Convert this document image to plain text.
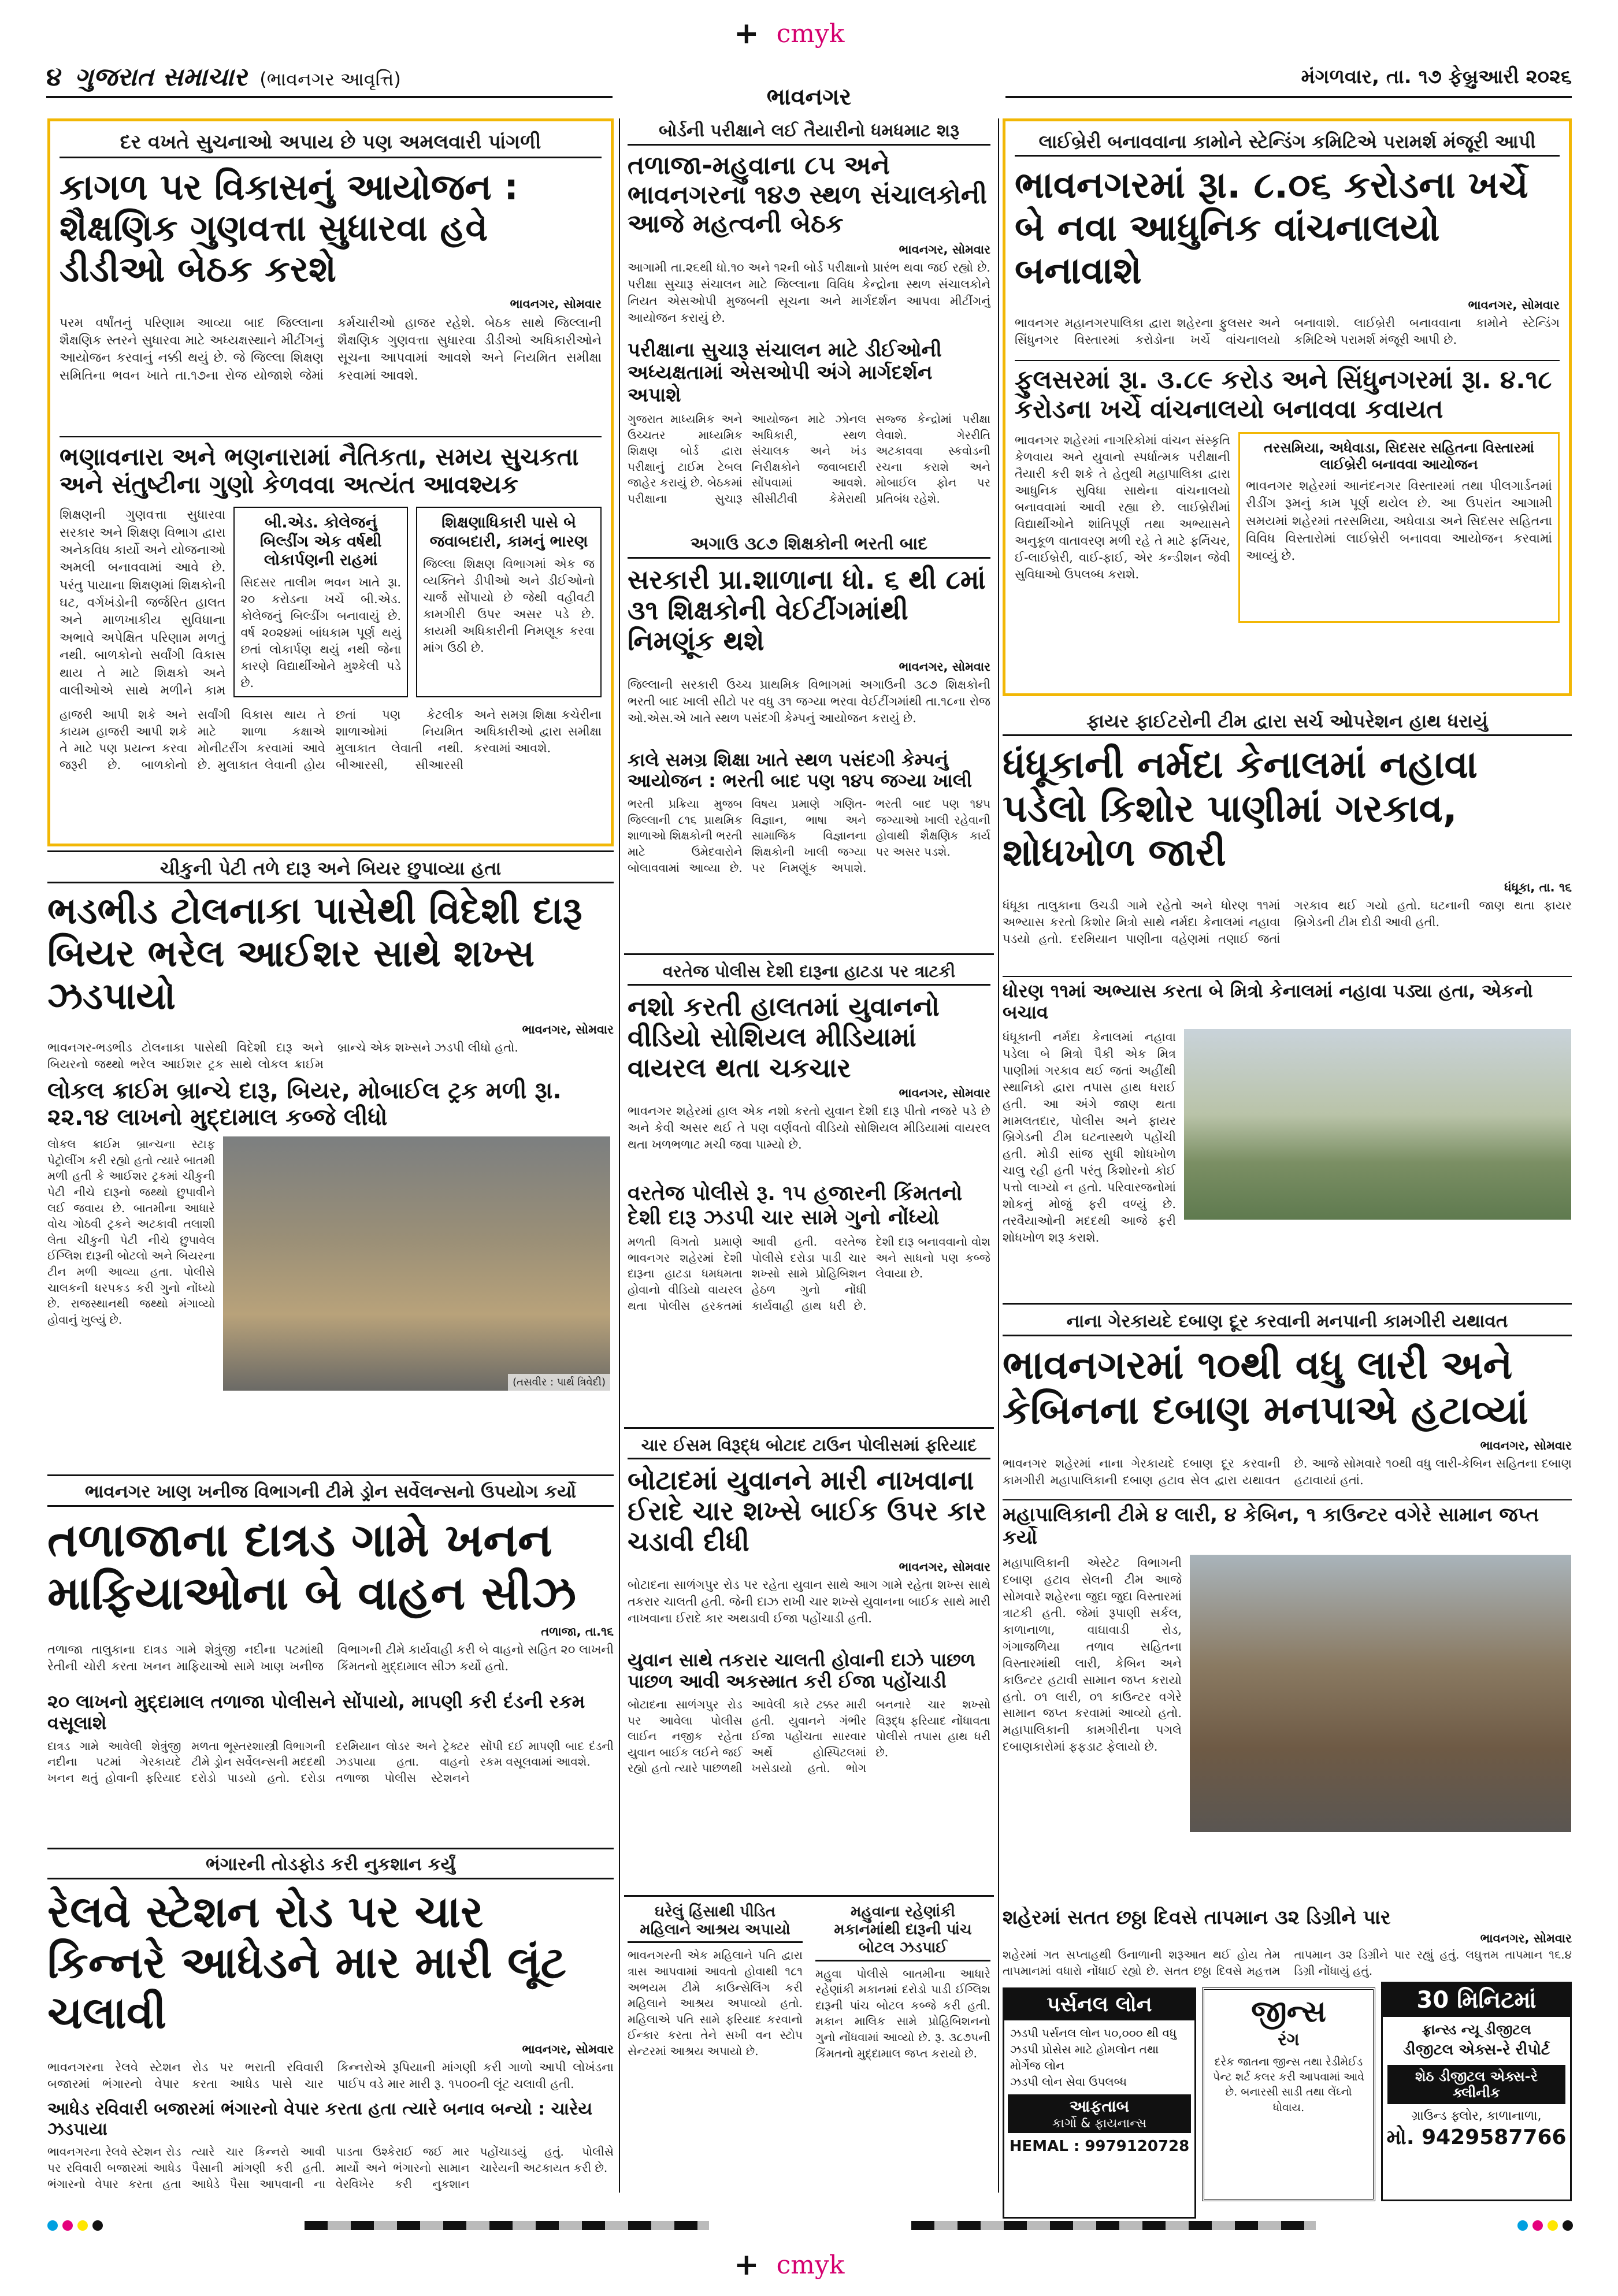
+ cmyk
૪ ગુજરાત સમાચાર (ભાવનગર આવૃત્તિ)	મંગળવાર, તા. ૧૭ ફેબ્રુઆરી ૨૦૨૬
ભાવનગર
દર વખતે સુચનાઓ અપાય છે પણ અમલવારી પાંગળી
કાગળ પર વિકાસનું આયોજન : શૈક્ષણિક ગુણવત્તા સુધારવા હવે ડીડીઓ બેઠક કરશે
ભાવનગર, સોમવાર
પરમ વર્ષાંતનું પરિણામ આવ્યા બાદ જિલ્લાના શૈક્ષણિક સ્તરને સુધારવા માટે અધ્યક્ષસ્થાને મીટીંગનું આયોજન કરવાનું નક્કી થયું છે. જે જિલ્લા શિક્ષણ સમિતિના ભવન ખાતે તા.૧૭ના રોજ યોજાશે જેમાં કર્મચારીઓ હાજર રહેશે. બેઠક સાથે જિલ્લાની શૈક્ષણિક ગુણવત્તા સુધારવા ડીડીઓ અધિકારીઓને સૂચના આપવામાં આવશે અને નિયમિત સમીક્ષા કરવામાં આવશે.
ભણાવનારા અને ભણનારામાં નૈતિકતા, સમય સુચકતા અને સંતુષ્ટીના ગુણો કેળવવા અત્યંત આવશ્યક
શિક્ષણની ગુણવત્તા સુધારવા સરકાર અને શિક્ષણ વિભાગ દ્વારા અનેકવિધ કાર્યો અને યોજનાઓ અમલી બનાવવામાં આવે છે. પરંતુ પાયાના શિક્ષણમાં શિક્ષકોની ઘટ, વર્ગખંડોની જર્જરિત હાલત અને માળખાકીય સુવિધાના અભાવે અપેક્ષિત પરિણામ મળતું નથી. બાળકોનો સર્વાંગી વિકાસ થાય તે માટે શિક્ષકો અને વાલીઓએ સાથે મળીને કામ
બી.એડ. કોલેજનું બિલ્ડીંગ એક વર્ષથી લોકાર્પણની રાહમાં
સિદસર તાલીમ ભવન ખાતે રૂા. ૨૦ કરોડના ખર્ચે બી.એડ. કોલેજનું બિલ્ડીંગ બનાવાયું છે. વર્ષ ૨૦૨૪માં બાંધકામ પૂર્ણ થયું છતાં લોકાર્પણ થયું નથી જેના કારણે વિદ્યાર્થીઓને મુશ્કેલી પડે છે.
શિક્ષણાધિકારી પાસે બે જવાબદારી, કામનું ભારણ
જિલ્લા શિક્ષણ વિભાગમાં એક જ વ્યક્તિને ડીપીઓ અને ડીઈઓનો ચાર્જ સોંપાયો છે જેથી વહીવટી કામગીરી ઉપર અસર પડે છે. કાયમી અધિકારીની નિમણૂક કરવા માંગ ઉઠી છે.
હાજરી આપી શકે અને કાયમ હાજરી આપી શકે તે માટે પણ પ્રયત્ન કરવા જરૂરી છે. બાળકોનો સર્વાંગી વિકાસ થાય તે માટે શાળા કક્ષાએ મોનીટરીંગ કરવામાં આવે છે. મુલાકાત લેવાની હોય છતાં પણ કેટલીક શાળાઓમાં નિયમિત મુલાકાત લેવાતી નથી. બીઆરસી, સીઆરસી અને સમગ્ર શિક્ષા કચેરીના અધિકારીઓ દ્વારા સમીક્ષા કરવામાં આવશે.
બોર્ડની પરીક્ષાને લઈ તૈયારીનો ધમધમાટ શરૂ
તળાજા-મહુવાના ૮૫ અને ભાવનગરના ૧૪૭ સ્થળ સંચાલકોની આજે મહત્વની બેઠક
ભાવનગર, સોમવાર
આગામી તા.૨૬થી ધો.૧૦ અને ૧૨ની બોર્ડ પરીક્ષાનો પ્રારંભ થવા જઈ રહ્યો છે. પરીક્ષા સુચારૂ સંચાલન માટે જિલ્લાના વિવિધ કેન્દ્રોના સ્થળ સંચાલકોને નિયત એસઓપી મુજબની સૂચના અને માર્ગદર્શન આપવા મીટીંગનું આયોજન કરાયું છે.
પરીક્ષાના સુચારૂ સંચાલન માટે ડીઈઓની અધ્યક્ષતામાં એસઓપી અંગે માર્ગદર્શન અપાશે
ગુજરાત માધ્યમિક અને ઉચ્ચતર માધ્યમિક શિક્ષણ બોર્ડ દ્વારા પરીક્ષાનું ટાઈમ ટેબલ જાહેર કરાયું છે. બેઠકમાં પરીક્ષાના સુચારૂ આયોજન માટે ઝોનલ અધિકારી, સ્થળ સંચાલક અને ખંડ નિરીક્ષકોને જવાબદારી સોંપવામાં આવશે. સીસીટીવી કેમેરાથી સજ્જ કેન્દ્રોમાં પરીક્ષા લેવાશે. ગેરરીતિ અટકાવવા સ્કવોડની રચના કરાશે અને મોબાઈલ ફોન પર પ્રતિબંધ રહેશે.
અગાઉ ૩૮૭ શિક્ષકોની ભરતી બાદ
સરકારી પ્રા.શાળાના ધો. ૬ થી ૮માં ૩૧ શિક્ષકોની વેઈટીંગમાંથી નિમણૂંક થશે
ભાવનગર, સોમવાર
જિલ્લાની સરકારી ઉચ્ચ પ્રાથમિક વિભાગમાં અગાઉની ૩૮૭ શિક્ષકોની ભરતી બાદ ખાલી સીટો પર વધુ ૩૧ જગ્યા ભરવા વેઈટીંગમાંથી તા.૧૮ના રોજ ઓ.એસ.એ ખાતે સ્થળ પસંદગી કેમ્પનું આયોજન કરાયું છે.
કાલે સમગ્ર શિક્ષા ખાતે સ્થળ પસંદગી કેમ્પનું આયોજન : ભરતી બાદ પણ ૧૪૫ જગ્યા ખાલી
ભરતી પ્રક્રિયા મુજબ જિલ્લાની ૮૧૬ પ્રાથમિક શાળાઓ શિક્ષકોની ભરતી માટે ઉમેદવારોને બોલાવવામાં આવ્યા છે. વિષય પ્રમાણે ગણિત-વિજ્ઞાન, ભાષા અને સામાજિક વિજ્ઞાનના શિક્ષકોની ખાલી જગ્યા પર નિમણૂંક અપાશે. ભરતી બાદ પણ ૧૪૫ જગ્યાઓ ખાલી રહેવાની હોવાથી શૈક્ષણિક કાર્ય પર અસર પડશે.
લાઈબ્રેરી બનાવવાના કામોને સ્ટેન્ડિંગ કમિટિએ પરામર્શ મંજૂરી આપી
ભાવનગરમાં રૂા. ૮.૦૬ કરોડના ખર્ચે બે નવા આધુનિક વાંચનાલયો બનાવાશે
ભાવનગર, સોમવાર
ભાવનગર મહાનગરપાલિકા દ્વારા શહેરના ફુલસર અને સિંધુનગર વિસ્તારમાં કરોડોના ખર્ચે વાંચનાલયો બનાવાશે. લાઈબ્રેરી બનાવવાના કામોને સ્ટેન્ડિંગ કમિટિએ પરામર્શ મંજૂરી આપી છે.
ફુલસરમાં રૂા. ૩.૮૯ કરોડ અને સિંધુનગરમાં રૂા. ૪.૧૮ કરોડના ખર્ચે વાંચનાલયો બનાવવા કવાયત
ભાવનગર શહેરમાં નાગરિકોમાં વાંચન સંસ્કૃતિ કેળવાય અને યુવાનો સ્પર્ધાત્મક પરીક્ષાની તૈયારી કરી શકે તે હેતુથી મહાપાલિકા દ્વારા આધુનિક સુવિધા સાથેના વાંચનાલયો બનાવવામાં આવી રહ્યા છે. લાઈબ્રેરીમાં વિદ્યાર્થીઓને શાંતિપૂર્ણ તથા અભ્યાસને અનુકૂળ વાતાવરણ મળી રહે તે માટે ફર્નિચર, ઈ-લાઈબ્રેરી, વાઈ-ફાઈ, એર કન્ડીશન જેવી સુવિધાઓ ઉપલબ્ધ કરાશે.
તરસમિયા, અધેવાડા, સિદસર સહિતના વિસ્તારમાં લાઈબ્રેરી બનાવવા આયોજન
ભાવનગર શહેરમાં આનંદનગર વિસ્તારમાં તથા પીલગાર્ડનમાં રીડીંગ રૂમનું કામ પૂર્ણ થયેલ છે. આ ઉપરાંત આગામી સમયમાં શહેરમાં તરસમિયા, અધેવાડા અને સિદસર સહિતના વિવિધ વિસ્તારોમાં લાઈબ્રેરી બનાવવા આયોજન કરવામાં આવ્યું છે.
ફાયર ફાઈટરોની ટીમ દ્વારા સર્ચ ઓપરેશન હાથ ધરાયું
ધંધૂકાની નર્મદા કેનાલમાં નહાવા પડેલો કિશોર પાણીમાં ગરકાવ, શોધખોળ જારી
ધંધૂકા, તા. ૧૬
ધંધૂકા તાલુકાના ઉચડી ગામે રહેતો અને ધોરણ ૧૧માં અભ્યાસ કરતો કિશોર મિત્રો સાથે નર્મદા કેનાલમાં નહાવા પડયો હતો. દરમિયાન પાણીના વહેણમાં તણાઈ જતાં ગરકાવ થઈ ગયો હતો. ઘટનાની જાણ થતા ફાયર બ્રિગેડની ટીમ દોડી આવી હતી.
ધોરણ ૧૧માં અભ્યાસ કરતા બે મિત્રો કેનાલમાં નહાવા પડ્યા હતા, એકનો બચાવ
ધંધૂકાની નર્મદા કેનાલમાં નહાવા પડેલા બે મિત્રો પૈકી એક મિત્ર પાણીમાં ગરકાવ થઈ જતાં અહીંથી સ્થાનિકો દ્વારા તપાસ હાથ ધરાઈ હતી. આ અંગે જાણ થતા મામલતદાર, પોલીસ અને ફાયર બ્રિગેડની ટીમ ઘટનાસ્થળે પહોંચી હતી. મોડી સાંજ સુધી શોધખોળ ચાલુ રહી હતી પરંતુ કિશોરનો કોઈ પત્તો લાગ્યો ન હતો. પરિવારજનોમાં શોકનું મોજું ફરી વળ્યું છે. તરવૈયાઓની મદદથી આજે ફરી શોધખોળ શરૂ કરાશે.
ચીકુની પેટી તળે દારૂ અને બિયર છુપાવ્યા હતા
ભડભીડ ટોલનાકા પાસેથી વિદેશી દારૂ બિયર ભરેલ આઈશર સાથે શખ્સ ઝડપાયો
ભાવનગર, સોમવાર
ભાવનગર-ભડભીડ ટોલનાકા પાસેથી વિદેશી દારૂ અને બિયરનો જથ્થો ભરેલ આઈશર ટ્રક સાથે લોકલ ક્રાઈમ બ્રાન્ચે એક શખ્સને ઝડપી લીધો હતો.
લોકલ ક્રાઈમ બ્રાન્ચે દારૂ, બિયર, મોબાઈલ ટ્રક મળી રૂા. ૨૨.૧૪ લાખનો મુદ્દામાલ કબ્જે લીધો
લોકલ ક્રાઈમ બ્રાન્ચના સ્ટાફ પેટ્રોલીંગ કરી રહ્યો હતો ત્યારે બાતમી મળી હતી કે આઈશર ટ્રકમાં ચીકુની પેટી નીચે દારૂનો જથ્થો છુપાવીને લઈ જવાય છે. બાતમીના આધારે વોચ ગોઠવી ટ્રકને અટકાવી તલાશી લેતા ચીકુની પેટી નીચે છુપાવેલ ઈગ્લિશ દારૂની બોટલો અને બિયરના ટીન મળી આવ્યા હતા. પોલીસે ચાલકની ધરપકડ કરી ગુનો નોંધ્યો છે. રાજસ્થાનથી જથ્થો મંગાવ્યો હોવાનું ખુલ્યું છે.
(તસવીર : પાર્થ ત્રિવેદી)
વરતેજ પોલીસ દેશી દારૂના હાટડા પર ત્રાટકી
નશો કરતી હાલતમાં યુવાનનો વીડિયો સોશિયલ મીડિયામાં વાયરલ થતા ચકચાર
ભાવનગર, સોમવાર
ભાવનગર શહેરમાં હાલ એક નશો કરતો યુવાન દેશી દારૂ પીતો નજરે પડે છે અને કેવી અસર થઈ તે પણ વર્ણવતો વીડિયો સોશિયલ મીડિયામાં વાયરલ થતા ખળભળાટ મચી જવા પામ્યો છે.
વરતેજ પોલીસે રૂ. ૧૫ હજારની કિંમતનો દેશી દારૂ ઝડપી ચાર સામે ગુનો નોંધ્યો
મળતી વિગતો પ્રમાણે ભાવનગર શહેરમાં દેશી દારૂના હાટડા ધમધમતા હોવાનો વીડિયો વાયરલ થતા પોલીસ હરકતમાં આવી હતી. વરતેજ પોલીસે દરોડા પાડી ચાર શખ્સો સામે પ્રોહિબિશન હેઠળ ગુનો નોંધી કાર્યવાહી હાથ ધરી છે. દેશી દારૂ બનાવવાનો વોશ અને સાધનો પણ કબ્જે લેવાયા છે.
ચાર ઈસમ વિરૂદ્ધ બોટાદ ટાઉન પોલીસમાં ફરિયાદ
બોટાદમાં યુવાનને મારી નાખવાના ઈરાદે ચાર શખ્સે બાઈક ઉપર કાર ચડાવી દીધી
ભાવનગર, સોમવાર
બોટાદના સાળંગપુર રોડ પર રહેતા યુવાન સાથે આગ ગામે રહેતા શખ્સ સાથે તકરાર ચાલતી હતી. જેની દાઝ રાખી ચાર શખ્સે યુવાનના બાઈક સાથે મારી નાખવાના ઈરાદે કાર અથડાવી ઈજા પહોંચાડી હતી.
યુવાન સાથે તકરાર ચાલતી હોવાની દાઝે પાછળ પાછળ આવી અકસ્માત કરી ઈજા પહોંચાડી
બોટાદના સાળંગપુર રોડ પર આવેલા પોલીસ લાઈન નજીક રહેતા યુવાન બાઈક લઈને જઈ રહ્યો હતો ત્યારે પાછળથી આવેલી કારે ટક્કર મારી હતી. યુવાનને ગંભીર ઈજા પહોંચતા સારવાર અર્થે હોસ્પિટલમાં ખસેડાયો હતો. ભોગ બનનારે ચાર શખ્સો વિરૂદ્ધ ફરિયાદ નોંધાવતા પોલીસે તપાસ હાથ ધરી છે.
ભાવનગર ખાણ ખનીજ વિભાગની ટીમે ડ્રોન સર્વેલન્સનો ઉપયોગ કર્યો
તળાજાના દાત્રડ ગામે ખનન માફિયાઓના બે વાહન સીઝ
તળાજા, તા.૧૬
તળાજા તાલુકાના દાત્રડ ગામે શેત્રુંજી નદીના પટમાંથી રેતીની ચોરી કરતા ખનન માફિયાઓ સામે ખાણ ખનીજ વિભાગની ટીમે કાર્યવાહી કરી બે વાહનો સહિત ૨૦ લાખની કિંમતનો મુદ્દામાલ સીઝ કર્યો હતો.
૨૦ લાખનો મુદ્દામાલ તળાજા પોલીસને સોંપાયો, માપણી કરી દંડની રકમ વસૂલાશે
દાત્રડ ગામે આવેલી શેત્રુંજી નદીના પટમાં ગેરકાયદે ખનન થતું હોવાની ફરિયાદ મળતા ભૂસ્તરશાસ્ત્રી વિભાગની ટીમે ડ્રોન સર્વેલન્સની મદદથી દરોડો પાડયો હતો. દરોડા દરમિયાન લોડર અને ટ્રેક્ટર ઝડપાયા હતા. વાહનો તળાજા પોલીસ સ્ટેશનને સોંપી દઈ માપણી બાદ દંડની રકમ વસૂલવામાં આવશે.
ભંગારની તોડફોડ કરી નુકશાન કર્યું
રેલવે સ્ટેશન રોડ પર ચાર કિન્નરે આધેડને માર મારી લૂંટ ચલાવી
ભાવનગર, સોમવાર
ભાવનગરના રેલવે સ્ટેશન રોડ પર ભરાતી રવિવારી બજારમાં ભંગારનો વેપાર કરતા આધેડ પાસે ચાર કિન્નરોએ રૂપિયાની માંગણી કરી ગાળો આપી લોખંડના પાઈપ વડે માર મારી રૂ. ૧૫૦૦ની લૂંટ ચલાવી હતી.
આધેડ રવિવારી બજારમાં ભંગારનો વેપાર કરતા હતા ત્યારે બનાવ બન્યો : ચારેય ઝડપાયા
ભાવનગરના રેલવે સ્ટેશન રોડ પર રવિવારી બજારમાં આધેડ ભંગારનો વેપાર કરતા હતા ત્યારે ચાર કિન્નરો આવી પૈસાની માંગણી કરી હતી. આધેડે પૈસા આપવાની ના પાડતા ઉશ્કેરાઈ જઈ માર માર્યો અને ભંગારનો સામાન વેરવિખેર કરી નુકશાન પહોંચાડયું હતું. પોલીસે ચારેયની અટકાયત કરી છે.
ઘરેલું હિંસાથી પીડિત મહિલાને આશ્રય અપાયો
ભાવનગરની એક મહિલાને પતિ દ્વારા ત્રાસ આપવામાં આવતો હોવાથી ૧૮૧ અભયમ ટીમે કાઉન્સેલિંગ કરી મહિલાને આશ્રય અપાવ્યો હતો. મહિલાએ પતિ સામે ફરિયાદ કરવાનો ઈન્કાર કરતા તેને સખી વન સ્ટોપ સેન્ટરમાં આશ્રય અપાયો છે.
મહુવાના રહેણાંકી મકાનમાંથી દારૂની પાંચ બોટલ ઝડપાઈ
મહુવા પોલીસે બાતમીના આધારે રહેણાંકી મકાનમાં દરોડો પાડી ઈગ્લિશ દારૂની પાંચ બોટલ કબ્જે કરી હતી. મકાન માલિક સામે પ્રોહિબિશનનો ગુનો નોંધવામાં આવ્યો છે. રૂ. ૩૮૭૫ની કિંમતનો મુદ્દામાલ જપ્ત કરાયો છે.
નાના ગેરકાયદે દબાણ દૂર કરવાની મનપાની કામગીરી યથાવત
ભાવનગરમાં ૧૦થી વધુ લારી અને કેબિનના દબાણ મનપાએ હટાવ્યાં
ભાવનગર, સોમવાર
ભાવનગર શહેરમાં નાના ગેરકાયદે દબાણ દૂર કરવાની કામગીરી મહાપાલિકાની દબાણ હટાવ સેલ દ્વારા યથાવત છે. આજે સોમવારે ૧૦થી વધુ લારી-કેબિન સહિતના દબાણ હટાવાયાં હતાં.
મહાપાલિકાની ટીમે ૪ લારી, ૪ કેબિન, ૧ કાઉન્ટર વગેરે સામાન જપ્ત કર્યો
મહાપાલિકાની એસ્ટેટ વિભાગની દબાણ હટાવ સેલની ટીમ આજે સોમવારે શહેરના જુદા જુદા વિસ્તારમાં ત્રાટકી હતી. જેમાં રૂપાણી સર્કલ, કાળાનાળા, વાઘાવાડી રોડ, ગંગાજળિયા તળાવ સહિતના વિસ્તારમાંથી લારી, કેબિન અને કાઉન્ટર હટાવી સામાન જપ્ત કરાયો હતો. ૦૧ લારી, ૦૧ કાઉન્ટર વગેરે સામાન જપ્ત કરવામાં આવ્યો હતો. મહાપાલિકાની કામગીરીના પગલે દબાણકારોમાં ફફડાટ ફેલાયો છે.
શહેરમાં સતત છઠ્ઠા દિવસે તાપમાન ૩૨ ડિગ્રીને પાર
ભાવનગર, સોમવાર
શહેરમાં ગત સપ્તાહથી ઉનાળાની શરૂઆત થઈ હોય તેમ તાપમાનમાં વધારો નોંધાઈ રહ્યો છે. સતત છઠ્ઠા દિવસે મહત્તમ તાપમાન ૩૨ ડિગ્રીને પાર રહ્યું હતું. લઘુત્તમ તાપમાન ૧૬.૪ ડિગ્રી નોંધાયું હતું.
જીન્સ
રંગ
દરેક જાતના જીન્સ તથા રેડીમેઈડ પેન્ટ શર્ટ કલર કરી આપવામાં આવે છે. બનારસી સાડી તથા લેંઘ્નો ધોવાય.
પર્સનલ લોન
ઝડપી પર્સનલ લોન ૫૦,૦૦૦ થી વધુ
ઝડપી પ્રોસેસ માટે હોમલોન તથા મોર્ગેજ લોન
ઝડપી લોન સેવા ઉપલબ્ધ
આફતાબ
કાર્ગો & ફાયનાન્સ
HEMAL : 9979120728
30 મિનિટમાં
ફ્રાન્સ્ડ ન્યૂ ડીજીટલ
ડીજીટલ એક્સ-રે રીપોર્ટ
શેઠ ડીજીટલ એક્સ-રે ક્લીનીક
ગ્રાઉન્ડ ફ્લોર, કાળાનાળા,
મો. 9429587766
+ cmyk
